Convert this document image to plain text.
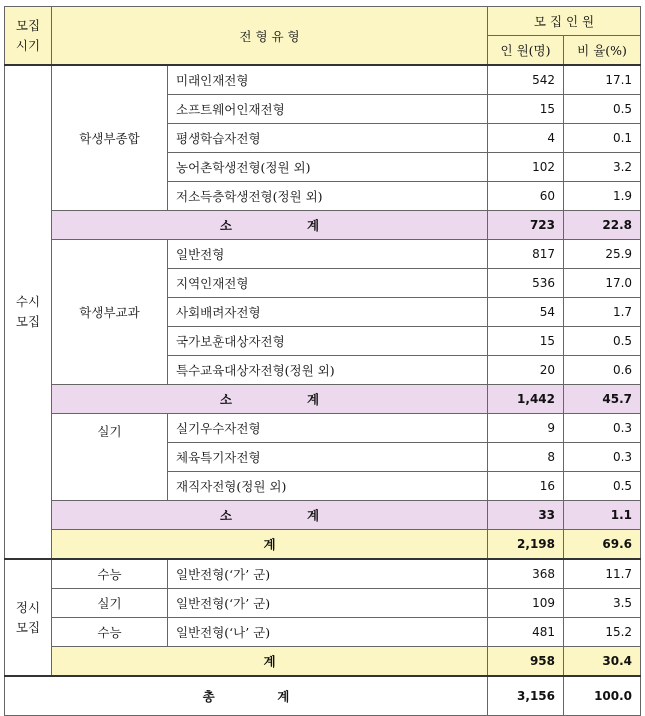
모집
시기	전 형 유 형		모 집 인 원	
			인 원(명)	비 율(%)
수시
모집	학생부종합	미래인재전형	542	17.1
		소프트웨어인재전형	15	0.5
		평생학습자전형	4	0.1
		농어촌학생전형(정원 외)	102	3.2
		저소득층학생전형(정원 외)	60	1.9
	소　　　　　　계		723	22.8
	학생부교과	일반전형	817	25.9
		지역인재전형	536	17.0
		사회배려자전형	54	1.7
		국가보훈대상자전형	15	0.5
		특수교육대상자전형(정원 외)	20	0.6
	소　　　　　　계		1,442	45.7
	실기	실기우수자전형	9	0.3
		체육특기자전형	8	0.3
		재직자전형(정원 외)	16	0.5
	소　　　　　　계		33	1.1
	계		2,198	69.6
정시
모집	수능	일반전형(‘가’ 군)	368	11.7
	실기	일반전형(‘가’ 군)	109	3.5
	수능	일반전형(‘나’ 군)	481	15.2
	계		958	30.4
총　　　　　계			3,156	100.0
